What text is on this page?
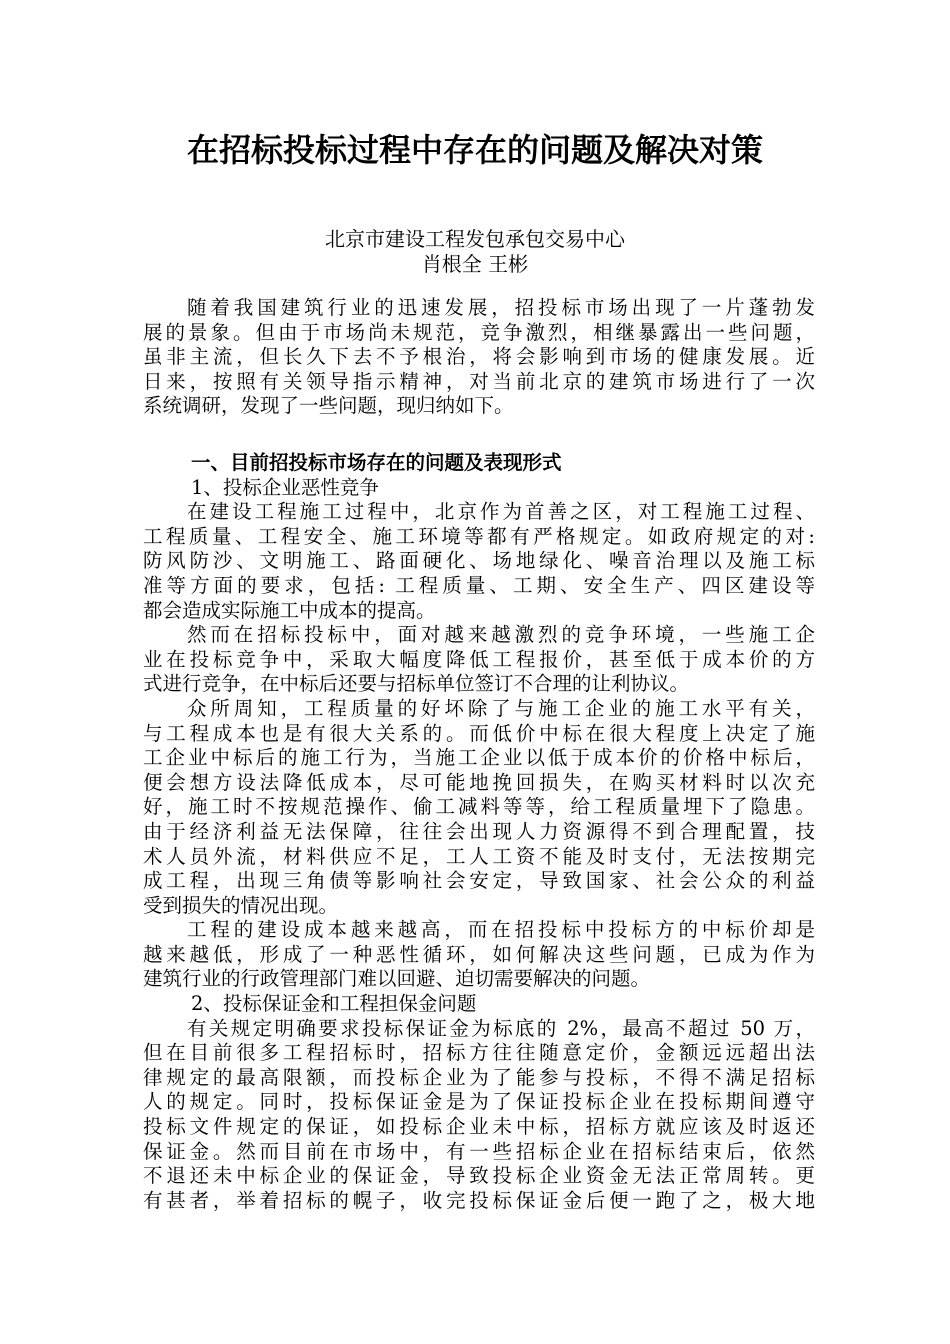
在招标投标过程中存在的问题及解决对策
北京市建设工程发包承包交易中心
肖根全 王彬
随着我国建筑行业的迅速发展，招投标市场出现了一片蓬勃发
展的景象。但由于市场尚未规范，竞争激烈，相继暴露出一些问题，
虽非主流，但长久下去不予根治，将会影响到市场的健康发展。近
日来，按照有关领导指示精神，对当前北京的建筑市场进行了一次
系统调研，发现了一些问题，现归纳如下。
一、目前招投标市场存在的问题及表现形式
1、投标企业恶性竞争
在建设工程施工过程中，北京作为首善之区，对工程施工过程、
工程质量、工程安全、施工环境等都有严格规定。如政府规定的对:
防风防沙、文明施工、路面硬化、场地绿化、噪音治理以及施工标
准等方面的要求，包括: 工程质量、工期、安全生产、四区建设等
都会造成实际施工中成本的提高。
然而在招标投标中，面对越来越激烈的竞争环境，一些施工企
业在投标竞争中，采取大幅度降低工程报价，甚至低于成本价的方
式进行竞争，在中标后还要与招标单位签订不合理的让利协议。
众所周知，工程质量的好坏除了与施工企业的施工水平有关，
与工程成本也是有很大关系的。而低价中标在很大程度上决定了施
工企业中标后的施工行为，当施工企业以低于成本价的价格中标后，
便会想方设法降低成本，尽可能地挽回损失，在购买材料时以次充
好，施工时不按规范操作、偷工减料等等，给工程质量埋下了隐患。
由于经济利益无法保障，往往会出现人力资源得不到合理配置，技
术人员外流，材料供应不足，工人工资不能及时支付，无法按期完
成工程，出现三角债等影响社会安定，导致国家、社会公众的利益
受到损失的情况出现。
工程的建设成本越来越高，而在招投标中投标方的中标价却是
越来越低，形成了一种恶性循环，如何解决这些问题，已成为作为
建筑行业的行政管理部门难以回避、迫切需要解决的问题。
2、投标保证金和工程担保金问题
有关规定明确要求投标保证金为标底的 2%，最高不超过 50 万，
但在目前很多工程招标时，招标方往往随意定价，金额远远超出法
律规定的最高限额，而投标企业为了能参与投标，不得不满足招标
人的规定。同时，投标保证金是为了保证投标企业在投标期间遵守
投标文件规定的保证，如投标企业未中标，招标方就应该及时返还
保证金。然而目前在市场中，有一些招标企业在招标结束后，依然
不退还未中标企业的保证金，导致投标企业资金无法正常周转。更
有甚者，举着招标的幌子，收完投标保证金后便一跑了之，极大地
